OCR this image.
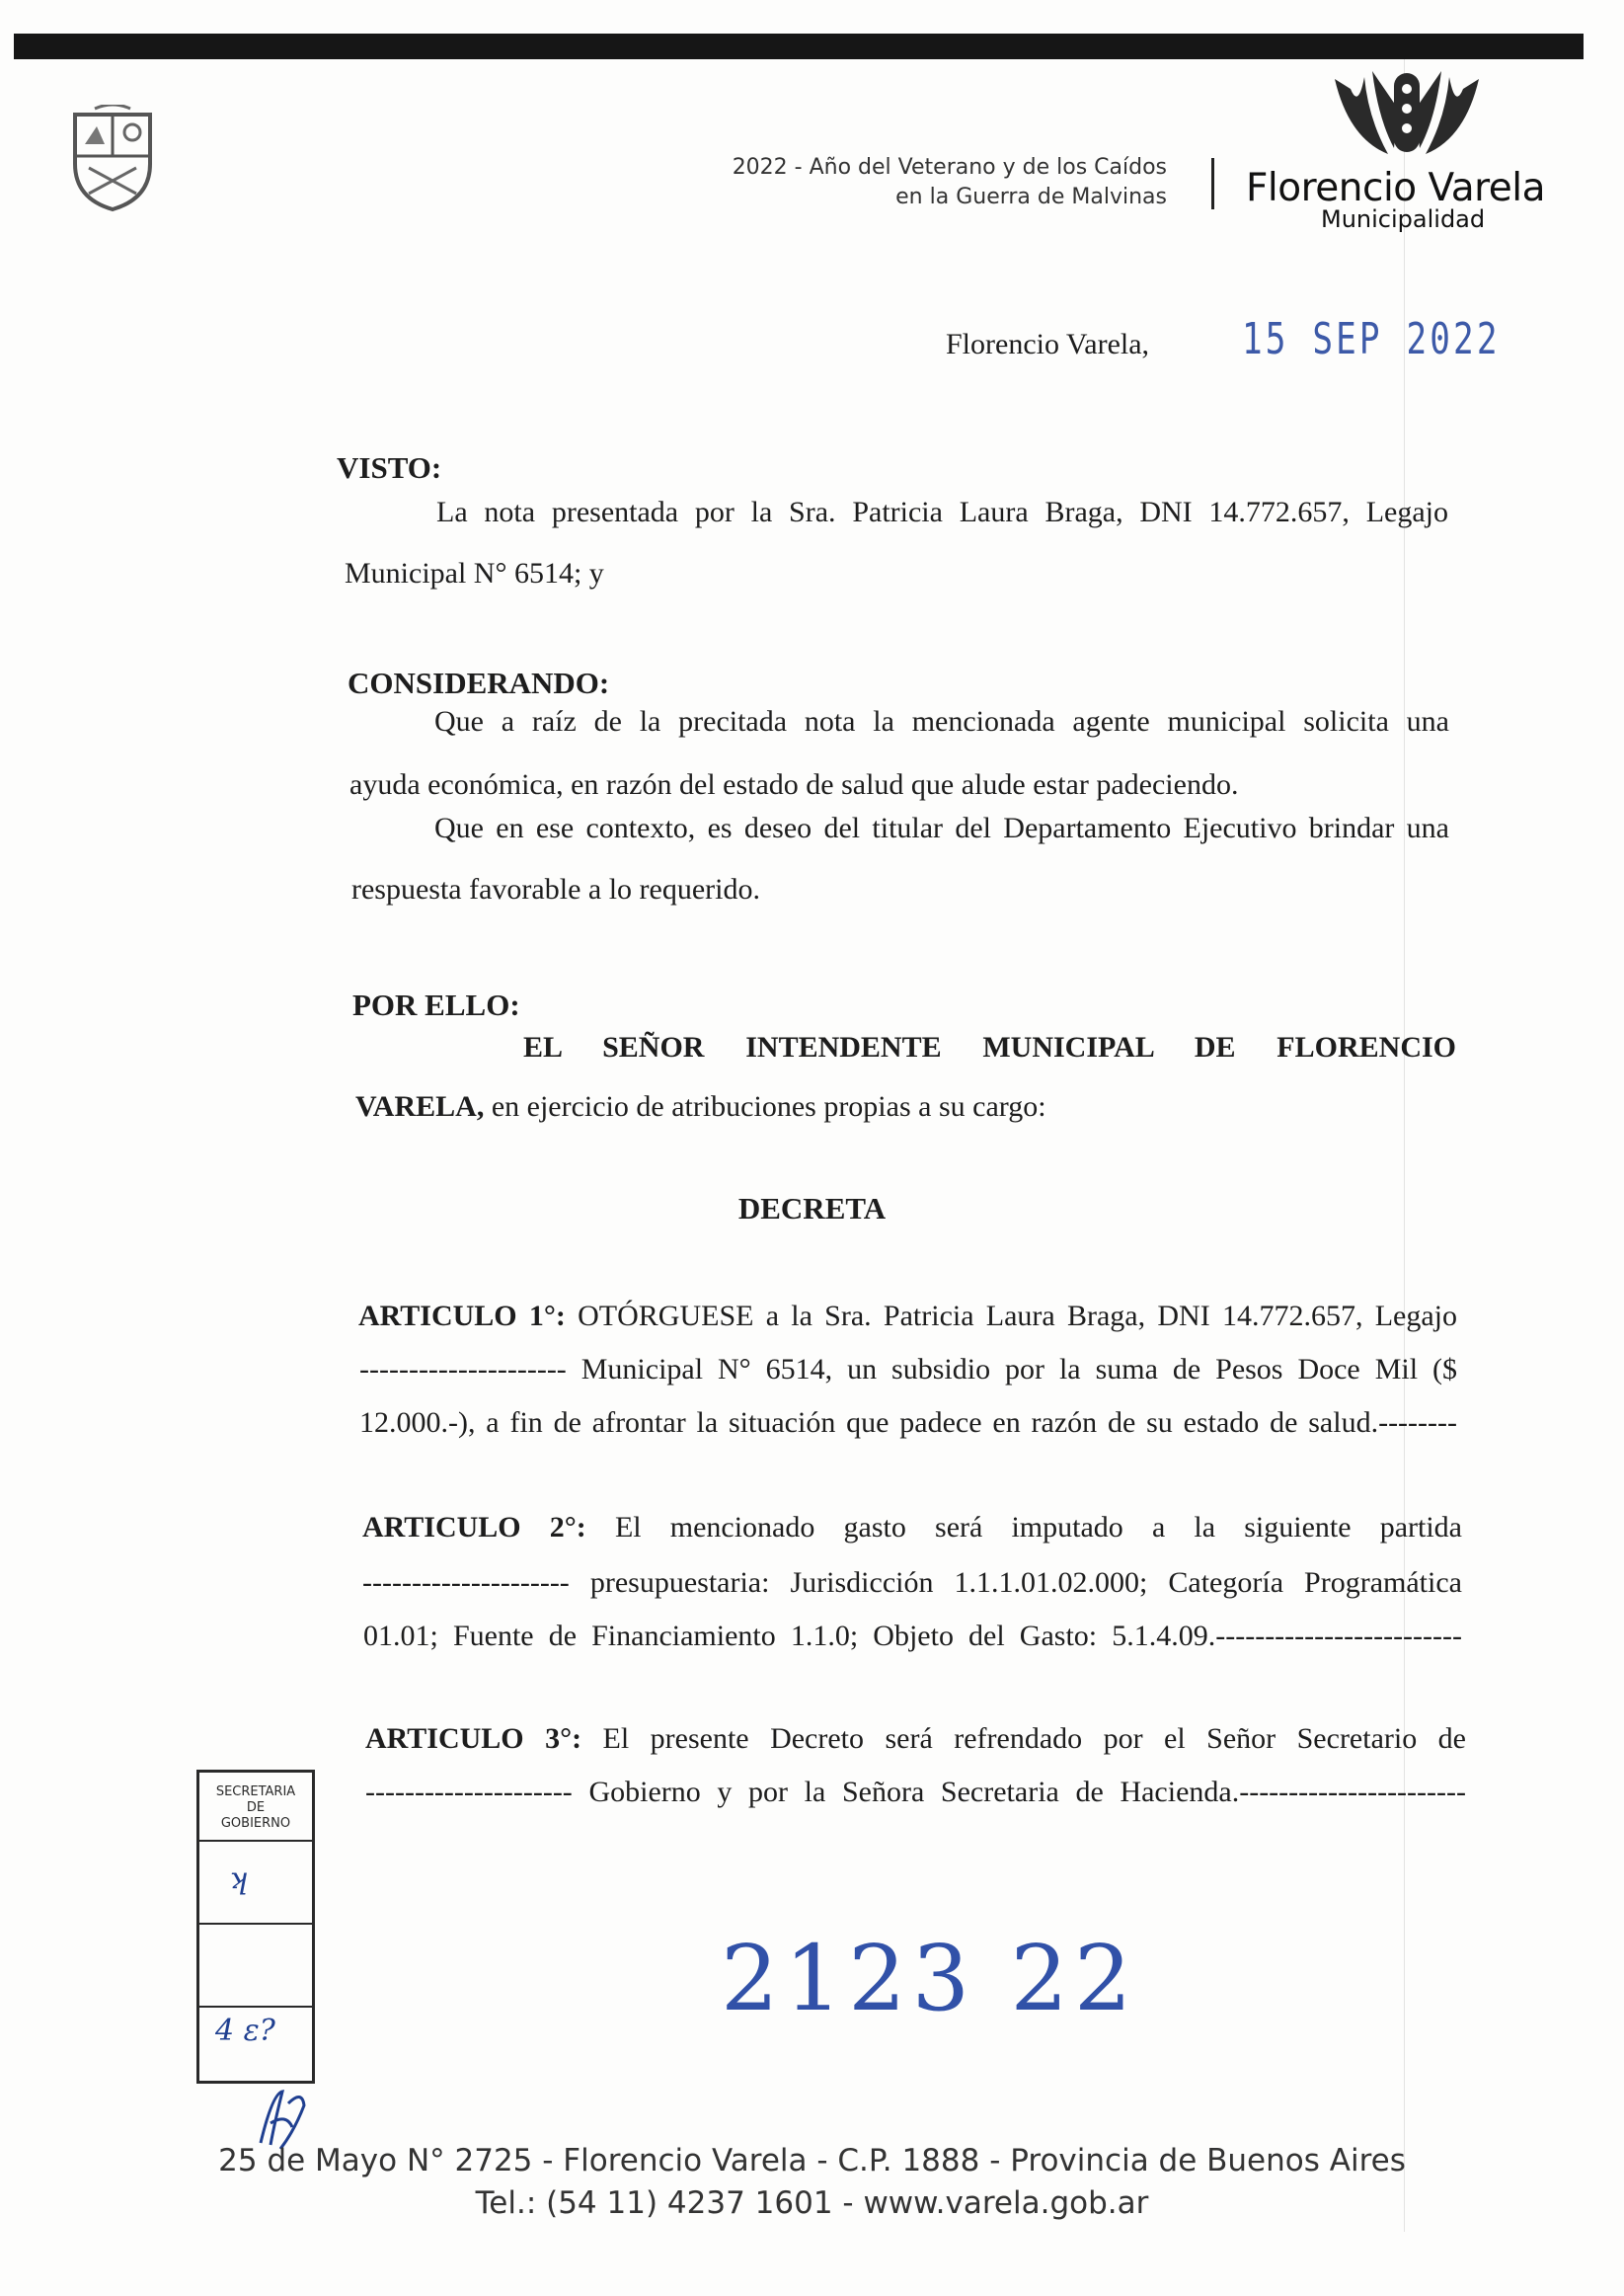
2022 - Año del Veterano y de los Caídos
en la Guerra de Malvinas Florencio Varela
Municipalidad
Florencio Varela,	15 SEP 2022
VISTO:
La nota presentada por la Sra. Patricia Laura Braga, DNI 14.772.657, Legajo
Municipal N° 6514; y
CONSIDERANDO:
Que a raíz de la precitada nota la mencionada agente municipal solicita una
ayuda económica, en razón del estado de salud que alude estar padeciendo.
Que en ese contexto, es deseo del titular del Departamento Ejecutivo brindar una
respuesta favorable a lo requerido.
POR ELLO:
EL SEÑOR INTENDENTE MUNICIPAL DE FLORENCIO
VARELA, en ejercicio de atribuciones propias a su cargo:
DECRETA
ARTICULO 1°: OTÓRGUESE a la Sra. Patricia Laura Braga, DNI 14.772.657, Legajo
--------------------- Municipal N° 6514, un subsidio por la suma de Pesos Doce Mil ($
12.000.-), a fin de afrontar la situación que padece en razón de su estado de salud.--------
ARTICULO 2°: El mencionado gasto será imputado a la siguiente partida
--------------------- presupuestaria: Jurisdicción 1.1.1.01.02.000; Categoría Programática
01.01; Fuente de Financiamiento 1.1.0; Objeto del Gasto: 5.1.4.09.-------------------------
ARTICULO 3°: El presente Decreto será refrendado por el Señor Secretario de
--------------------- Gobierno y por la Señora Secretaria de Hacienda.-----------------------
SECRETARIA
DE
GOBIERNO
ʞ
4 ɛ?	2123 22
25 de Mayo N° 2725 - Florencio Varela - C.P. 1888 - Provincia de Buenos Aires
Tel.: (54 11) 4237 1601 - www.varela.gob.ar
